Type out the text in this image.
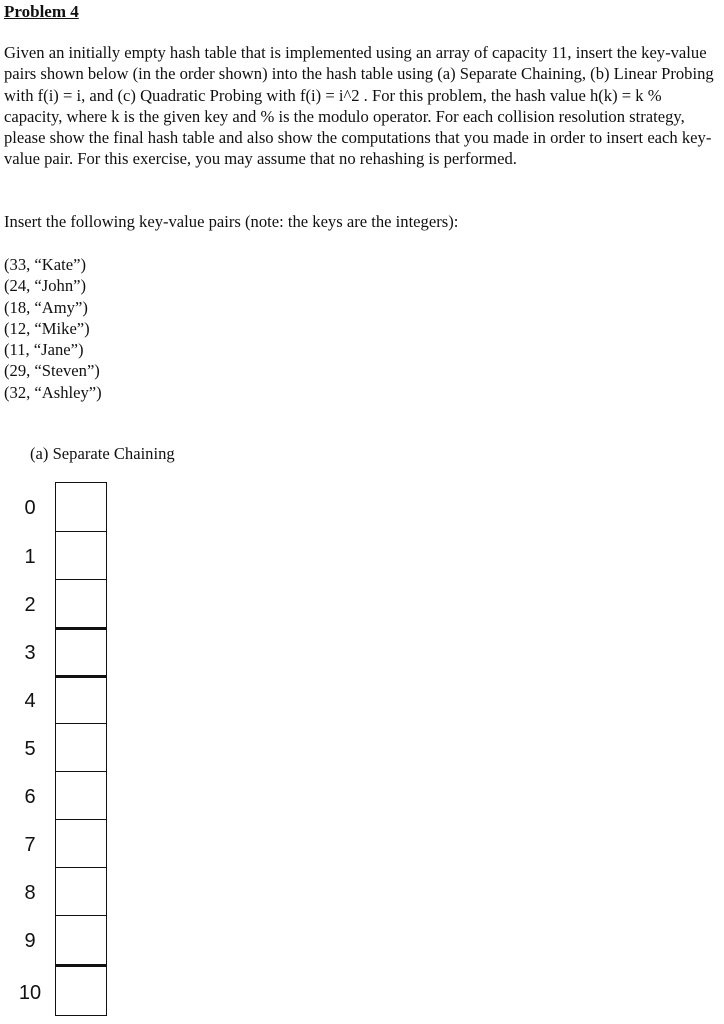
Problem 4
Given an initially empty hash table that is implemented using an array of capacity 11, insert the key-value pairs shown below (in the order shown) into the hash table using (a) Separate Chaining, (b) Linear Probing with f(i) = i, and (c) Quadratic Probing with f(i) = i^2 . For this problem, the hash value h(k) = k % capacity, where k is the given key and % is the modulo operator. For each collision resolution strategy, please show the final hash table and also show the computations that you made in order to insert each key-value pair. For this exercise, you may assume that no rehashing is performed.
Insert the following key-value pairs (note: the keys are the integers):
(33, “Kate”)
(24, “John”)
(18, “Amy”)
(12, “Mike”)
(11, “Jane”)
(29, “Steven”)
(32, “Ashley”)
(a) Separate Chaining
0
1
2
3
4
5
6
7
8
9
10
